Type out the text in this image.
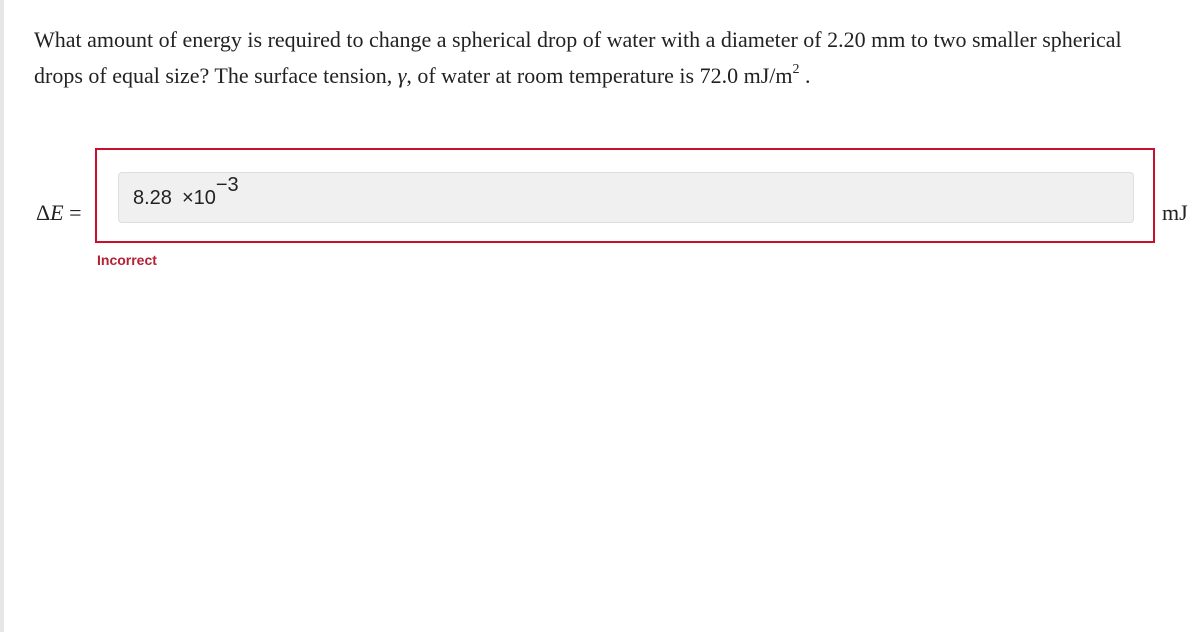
What amount of energy is required to change a spherical drop of water with a diameter of 2.20 mm to two smaller spherical drops of equal size? The surface tension, γ, of water at room temperature is 72.0 $mJ/m^2$ .
ΔE =
8.28 ×10−3
mJ
Incorrect
